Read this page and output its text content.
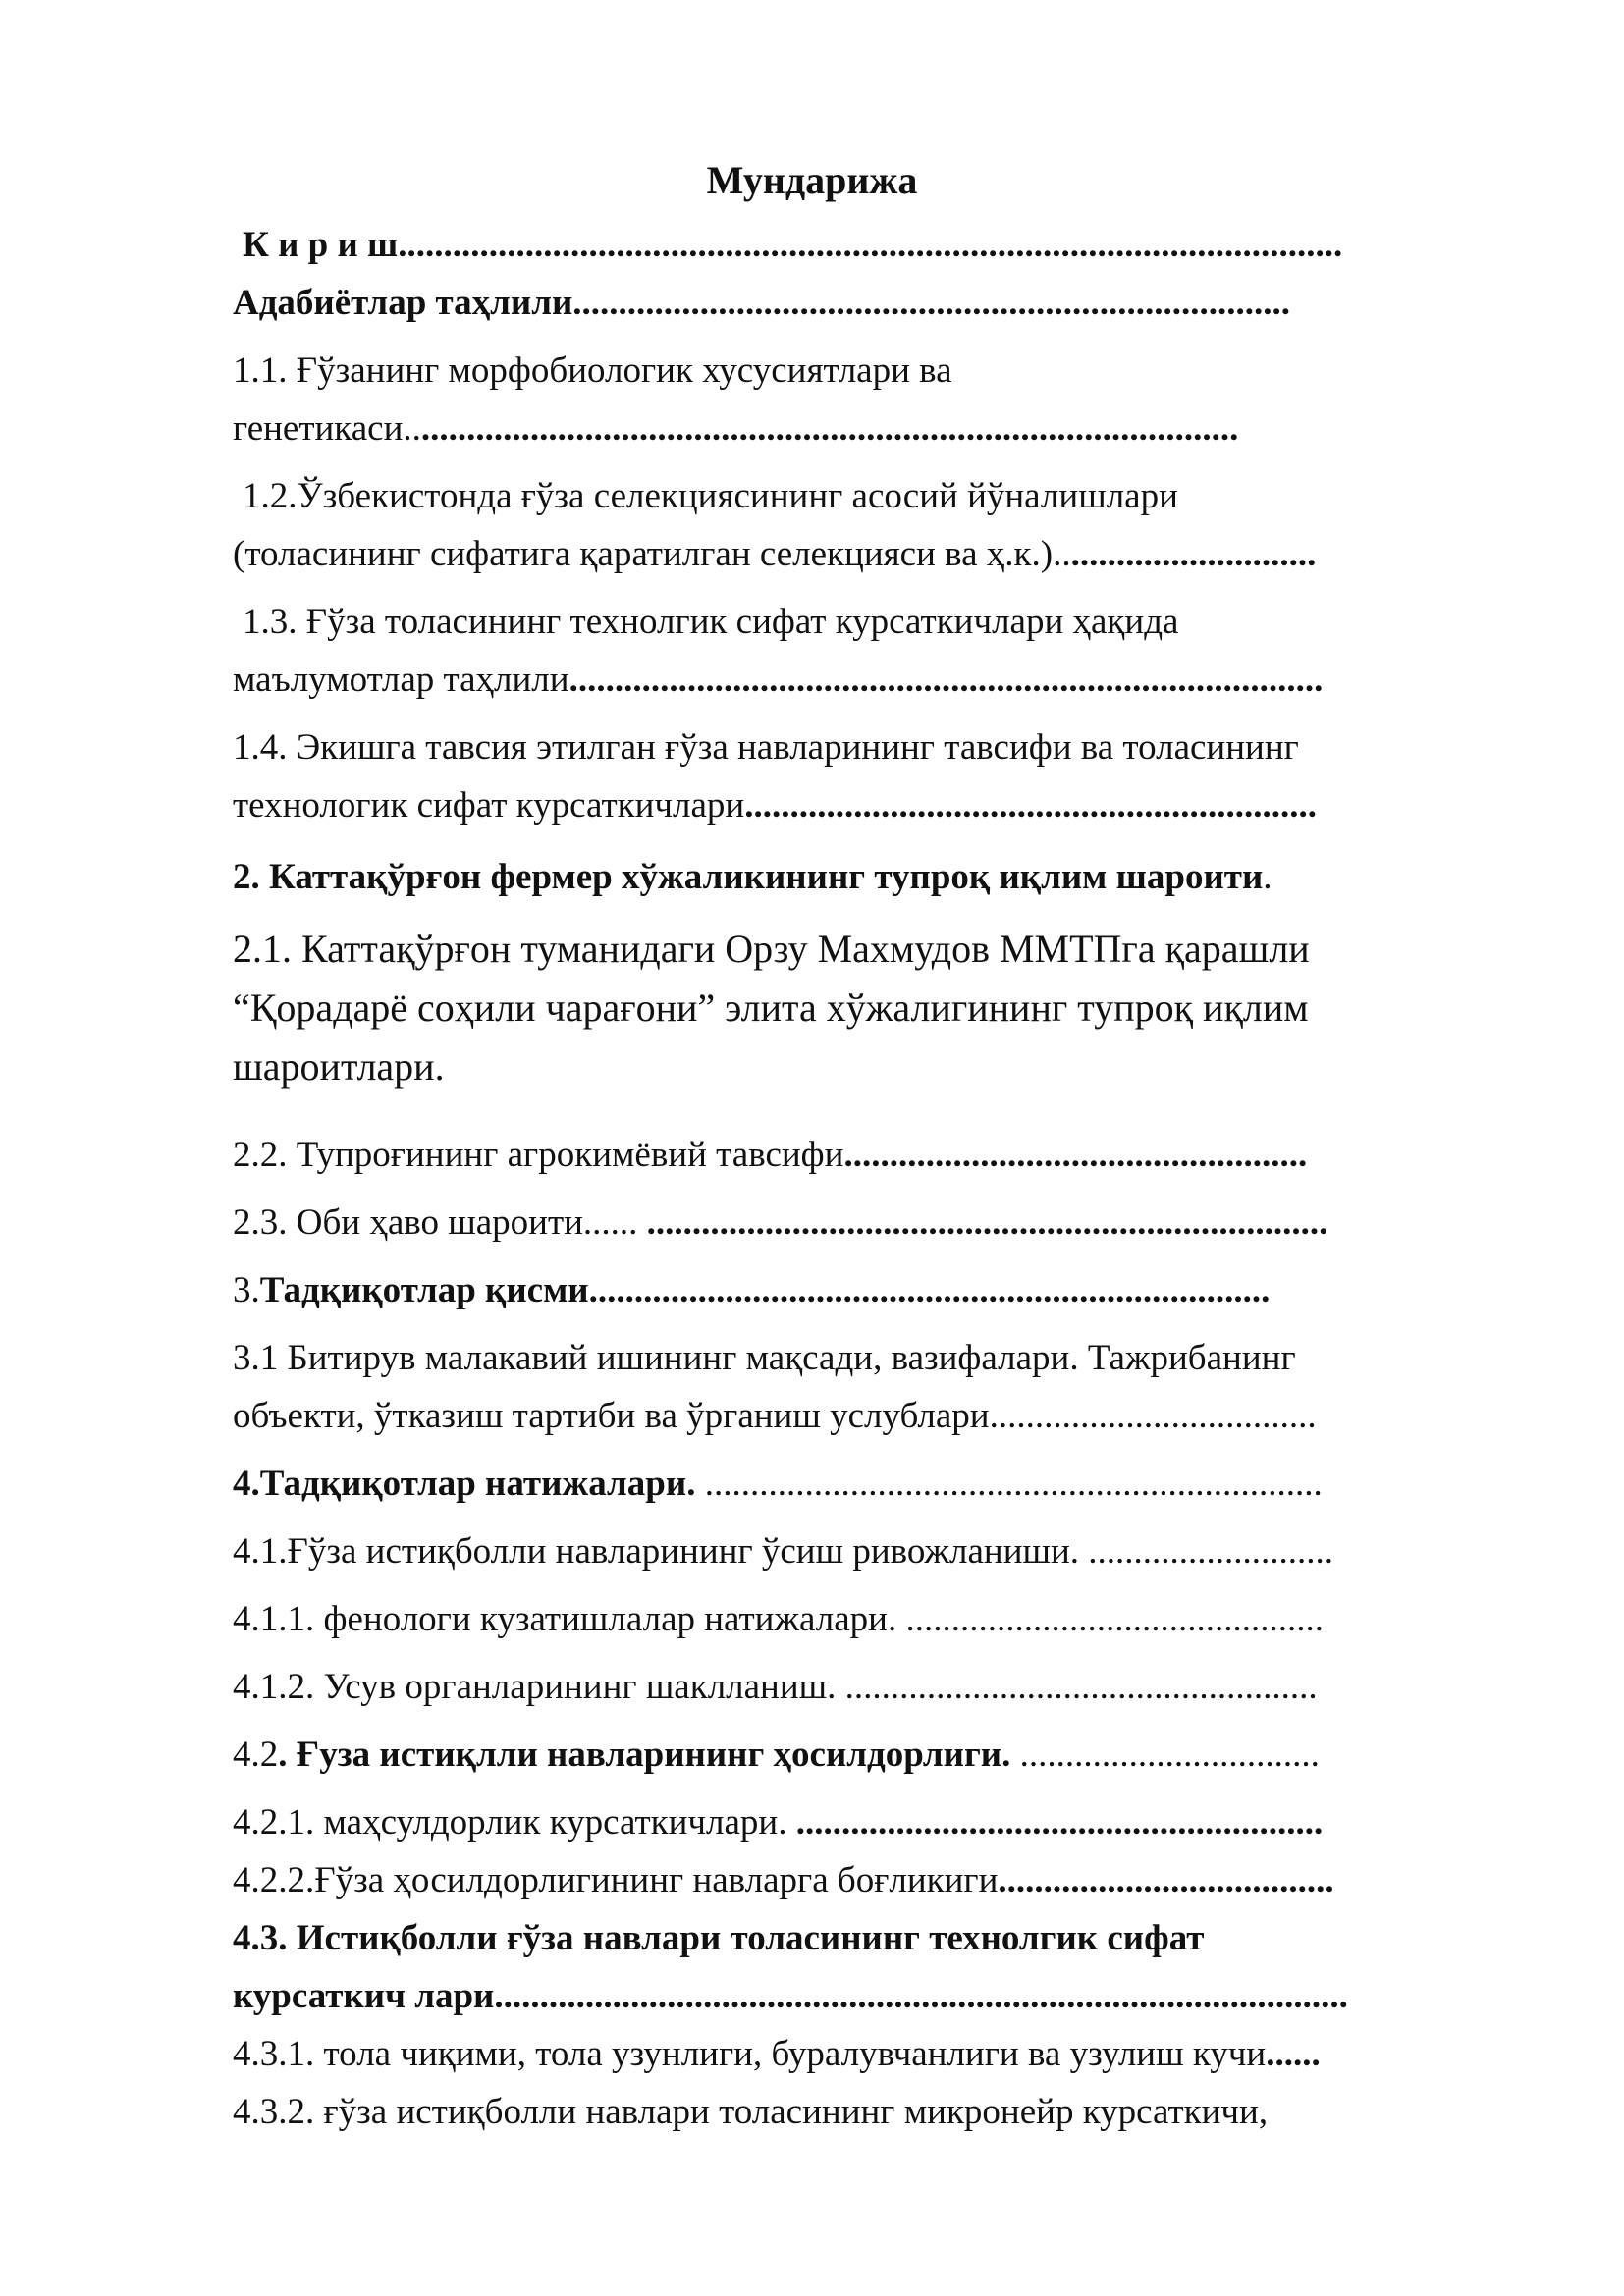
Мундарижа

К и р и ш........................................................................................................

Адабиётлар таҳлили...............................................................................

1.1. Ғўзанинг морфобиологик хусусиятлари ва

генетикаси............................................................................................

1.2.Ўзбекистонда ғўза селекциясининг асосий йўналишлари

(толасининг сифатига қаратилган селекцияси ва ҳ.к.).............................

1.3. Ғўза толасининг технолгик сифат курсаткичлари ҳақида

маълумотлар таҳлили...................................................................................

1.4. Экишга тавсия этилган ғўза навларининг тавсифи ва толасининг

технологик сифат курсаткичлари...............................................................

2. Каттақўрғон фермер хўжаликининг тупроқ иқлим шароити.

2.1. Каттақўрғон туманидаги Орзу Махмудов ММТПга қарашли
“Қорадарё соҳили чарағони” элита хўжалигининг тупроқ иқлим
шароитлари.

2.2. Тупроғининг агрокимёвий тавсифи...................................................

2.3. Оби ҳаво шароити...... ...........................................................................

3.Тадқиқотлар қисми...........................................................................

3.1 Битирув малакавий ишининг мақсади, вазифалари. Тажрибанинг

объекти, ўтказиш тартиби ва ўрганиш услублари....................................

4.Тадқиқотлар натижалари. ....................................................................

4.1.Ғўза истиқболли навларининг ўсиш ривожланиши. ...........................

4.1.1. фенологи кузатишлалар натижалари. ..............................................

4.1.2. Усув органларининг шаклланиш. ....................................................

4.2. Ғуза истиқлли навларининг ҳосилдорлиги. .................................

4.2.1. маҳсулдорлик курсаткичлари. ..........................................................

4.2.2.Ғўза ҳосилдорлигининг навларга боғликиги.....................................

4.3. Истиқболли ғўза навлари толасининг технолгик сифат

курсаткич лари..............................................................................................

4.3.1. тола чиқими, тола узунлиги, буралувчанлиги ва узулиш кучи......

4.3.2. ғўза истиқболли навлари толасининг микронейр курсаткичи,
